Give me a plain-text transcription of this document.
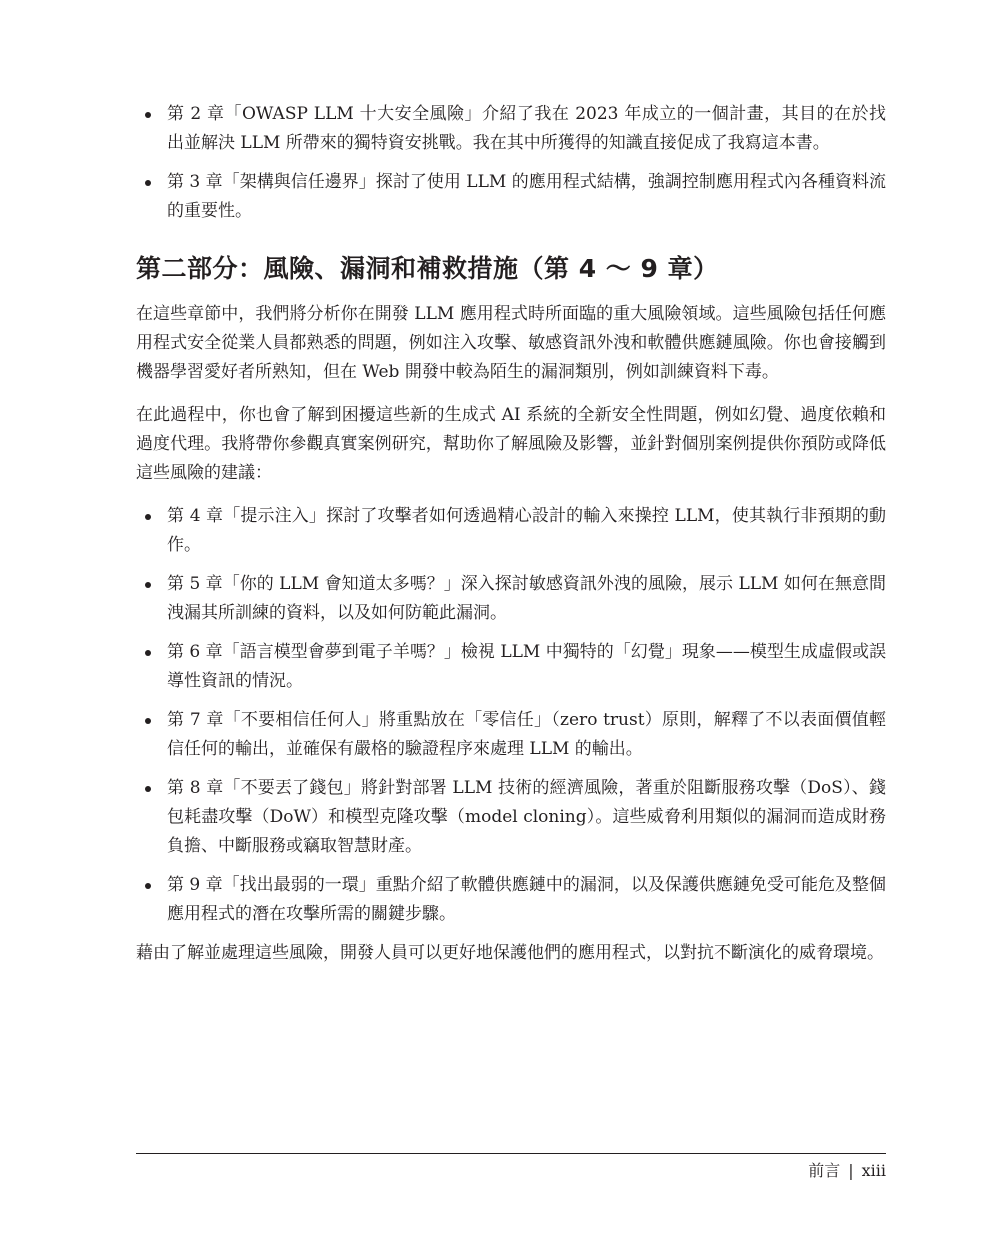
第 2 章「OWASP LLM 十大安全風險」介紹了我在 2023 年成立的一個計畫，其目的在於找出並解決 LLM 所帶來的獨特資安挑戰。我在其中所獲得的知識直接促成了我寫這本書。
第 3 章「架構與信任邊界」探討了使用 LLM 的應用程式結構，強調控制應用程式內各種資料流的重要性。
第二部分：風險、漏洞和補救措施（第 4 ～ 9 章）

在這些章節中，我們將分析你在開發 LLM 應用程式時所面臨的重大風險領域。這些風險包括任何應用程式安全從業人員都熟悉的問題，例如注入攻擊、敏感資訊外洩和軟體供應鏈風險。你也會接觸到機器學習愛好者所熟知，但在 Web 開發中較為陌生的漏洞類別，例如訓練資料下毒。

在此過程中，你也會了解到困擾這些新的生成式 AI 系統的全新安全性問題，例如幻覺、過度依賴和過度代理。我將帶你參觀真實案例研究，幫助你了解風險及影響，並針對個別案例提供你預防或降低這些風險的建議：

第 4 章「提示注入」探討了攻擊者如何透過精心設計的輸入來操控 LLM，使其執行非預期的動作。
第 5 章「你的 LLM 會知道太多嗎？」深入探討敏感資訊外洩的風險，展示 LLM 如何在無意間洩漏其所訓練的資料，以及如何防範此漏洞。
第 6 章「語言模型會夢到電子羊嗎？」檢視 LLM 中獨特的「幻覺」現象——模型生成虛假或誤導性資訊的情況。
第 7 章「不要相信任何人」將重點放在「零信任」（zero trust）原則，解釋了不以表面價值輕信任何的輸出，並確保有嚴格的驗證程序來處理 LLM 的輸出。
第 8 章「不要丟了錢包」將針對部署 LLM 技術的經濟風險，著重於阻斷服務攻擊（DoS）、錢包耗盡攻擊（DoW）和模型克隆攻擊（model cloning）。這些威脅利用類似的漏洞而造成財務負擔、中斷服務或竊取智慧財產。
第 9 章「找出最弱的一環」重點介紹了軟體供應鏈中的漏洞，以及保護供應鏈免受可能危及整個應用程式的潛在攻擊所需的關鍵步驟。

藉由了解並處理這些風險，開發人員可以更好地保護他們的應用程式，以對抗不斷演化的威脅環境。

前言 | xiii
